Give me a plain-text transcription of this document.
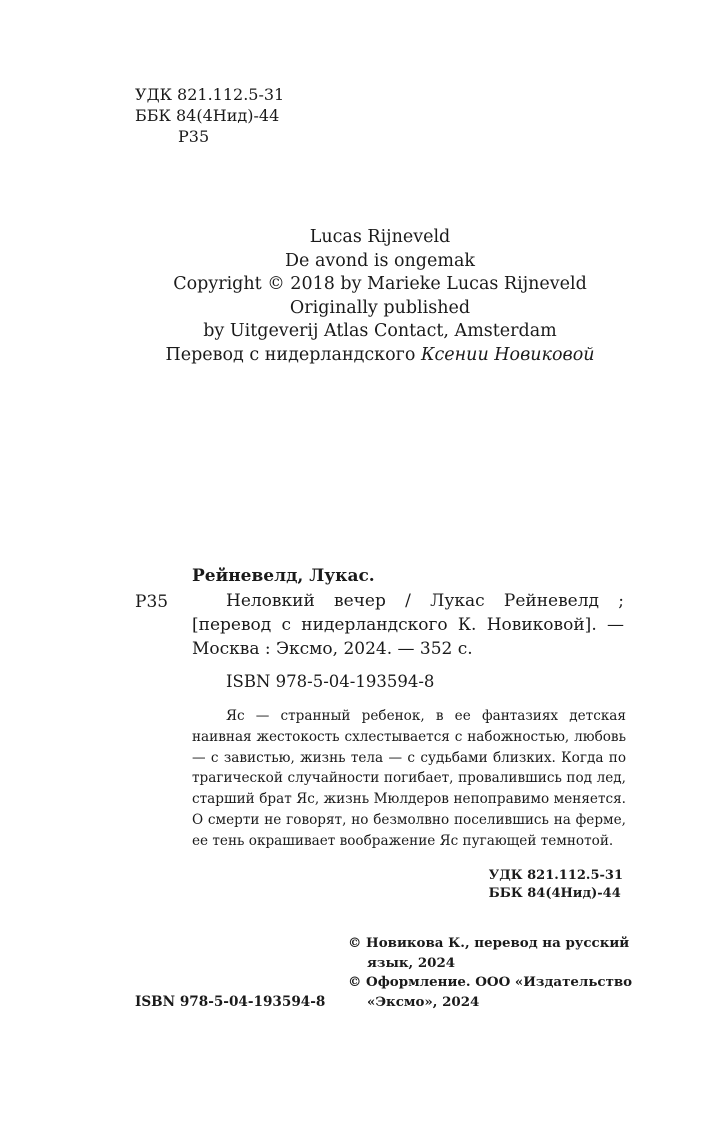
УДК 821.112.5-31
ББК 84(4Нид)-44
Р35
Lucas Rijneveld
De avond is ongemak
Copyright © 2018 by Marieke Lucas Rijneveld
Originally published
by Uitgeverij Atlas Contact, Amsterdam
Перевод с нидерландского Ксении Новиковой
Рейневелд, Лукас.
Р35	Неловкий вечер / Лукас Рейневелд ; [перевод с нидерландского К. Новиковой]. — Москва : Эксмо, 2024. — 352 с.
ISBN 978-5-04-193594-8
Яс — странный ребенок, в ее фантазиях детская наивная жестокость схлестывается с набожностью, любовь — с завистью, жизнь тела — с судьбами близких. Когда по трагической случайности погибает, провалившись под лед, старший брат Яс, жизнь Мюлдеров непоправимо меняется. О смерти не говорят, но безмолвно поселившись на ферме, ее тень окрашивает воображение Яс пугающей темнотой.
УДК 821.112.5-31
ББК 84(4Нид)-44
© Новикова К., перевод на русский язык, 2024
© Оформление. ООО «Издательство «Эксмо», 2024
ISBN 978-5-04-193594-8
